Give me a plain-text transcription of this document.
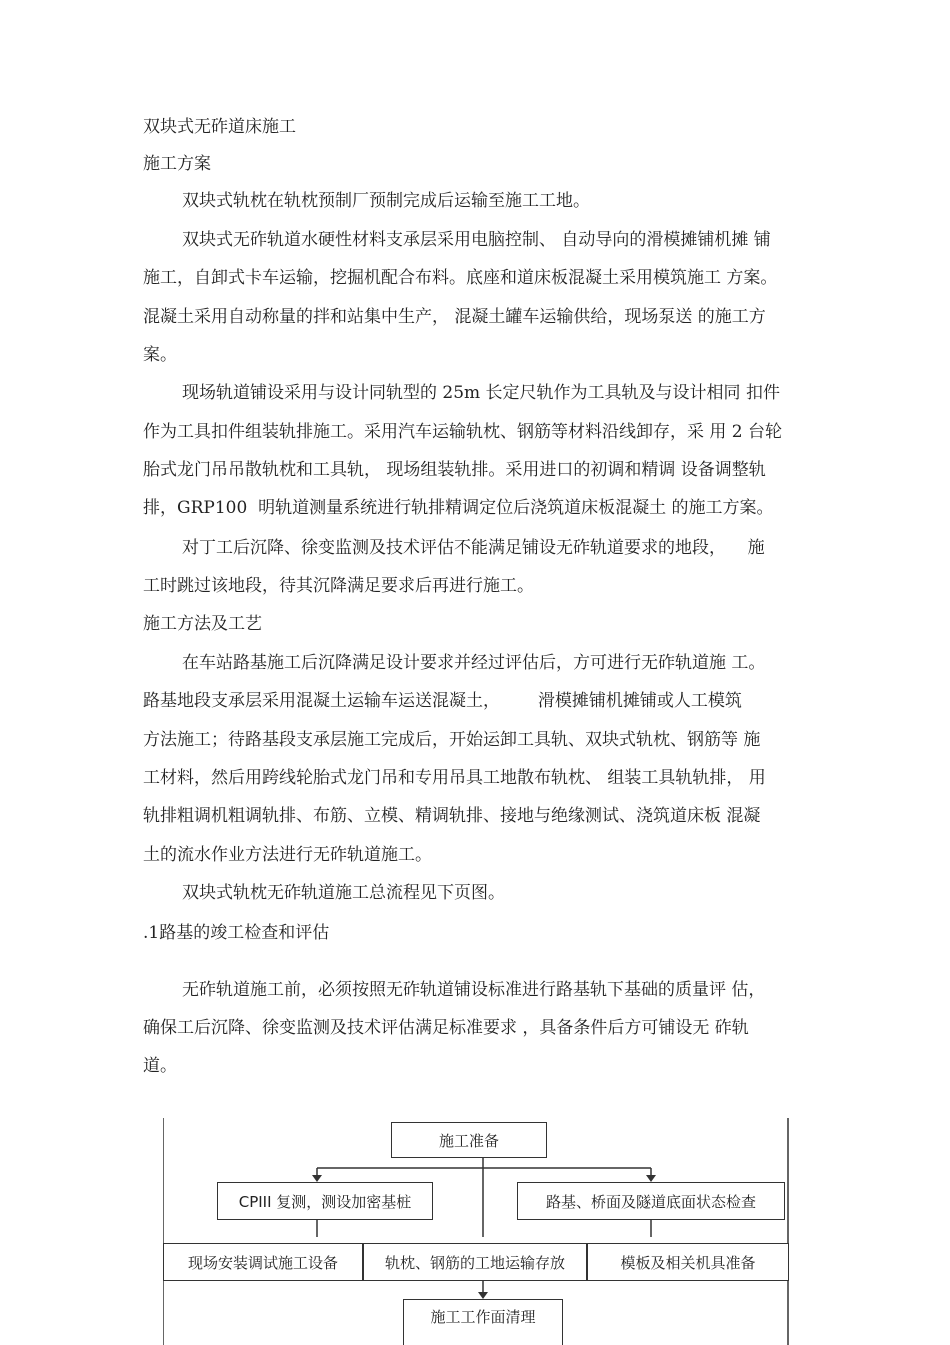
双块式无砟道床施工

施工方案

双块式轨枕在轨枕预制厂预制完成后运输至施工工地。

双块式无砟轨道水硬性材料支承层采用电脑控制、 自动导向的滑模摊铺机摊 铺

施工，自卸式卡车运输，挖掘机配合布料。底座和道床板混凝土采用模筑施工 方案。

混凝土采用自动称量的拌和站集中生产， 混凝土罐车运输供给，现场泵送 的施工方

案。

现场轨道铺设采用与设计同轨型的 25m 长定尺轨作为工具轨及与设计相同 扣件

作为工具扣件组装轨排施工。采用汽车运输轨枕、钢筋等材料沿线卸存，采 用 2 台轮

胎式龙门吊吊散轨枕和工具轨， 现场组装轨排。采用进口的初调和精调 设备调整轨

排，GRP100  明轨道测量系统进行轨排精调定位后浇筑道床板混凝土 的施工方案。

对丁工后沉降、徐变监测及技术评估不能满足铺设无砟轨道要求的地段，    施

工时跳过该地段，待其沉降满足要求后再进行施工。

施工方法及工艺

在车站路基施工后沉降满足设计要求并经过评估后，方可进行无砟轨道施 工。

路基地段支承层采用混凝土运输车运送混凝土，       滑模摊铺机摊铺或人工模筑

方法施工；待路基段支承层施工完成后，开始运卸工具轨、双块式轨枕、钢筋等 施

工材料，然后用跨线轮胎式龙门吊和专用吊具工地散布轨枕、 组装工具轨轨排， 用

轨排粗调机粗调轨排、布筋、立模、精调轨排、接地与绝缘测试、浇筑道床板 混凝

土的流水作业方法进行无砟轨道施工。

双块式轨枕无砟轨道施工总流程见下页图。

.1路基的竣工检查和评估

无砟轨道施工前，必须按照无砟轨道铺设标准进行路基轨下基础的质量评 估，

确保工后沉降、徐变监测及技术评估满足标准要求 ，具备条件后方可铺设无 砟轨

道。

施工准备
CPIII 复测，测设加密基桩	路基、桥面及隧道底面状态检查
现场安装调试施工设备	轨枕、钢筋的工地运输存放	模板及相关机具准备
施工工作面清理
